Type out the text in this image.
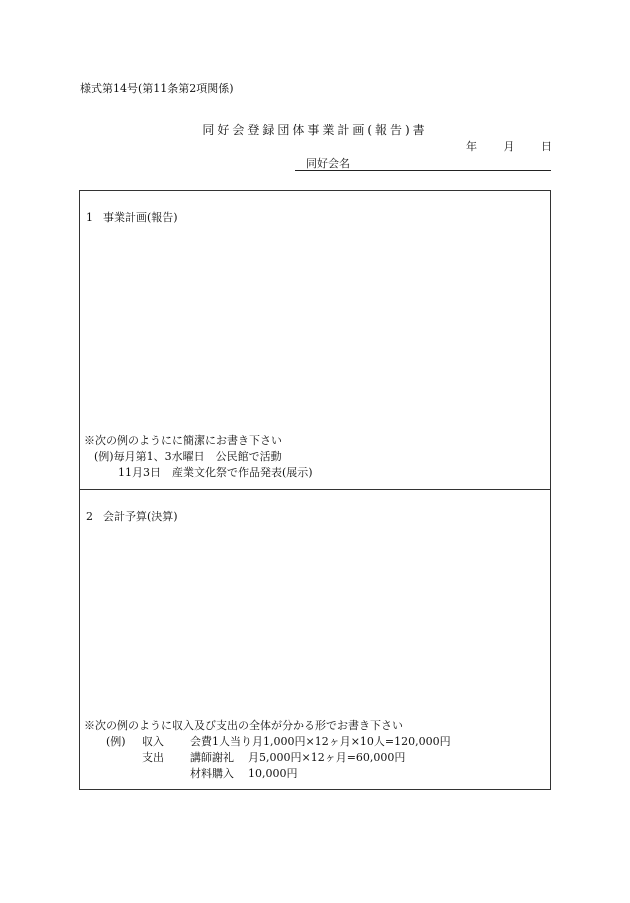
様式第14号(第11条第2項関係)
同好会登録団体事業計画(報告)書
年 月 日
同好会名
1 事業計画(報告)
※次の例のようにに簡潔にお書き下さい
(例)毎月第1、3水曜日　公民館で活動
11月3日　産業文化祭で作品発表(展示)
2 会計予算(決算)
※次の例のように収入及び支出の全体が分かる形でお書き下さい
(例) 収入 会費1人当り月1,000円×12ヶ月×10人=120,000円
支出 講師謝礼 月5,000円×12ヶ月=60,000円
材料購入 10,000円
